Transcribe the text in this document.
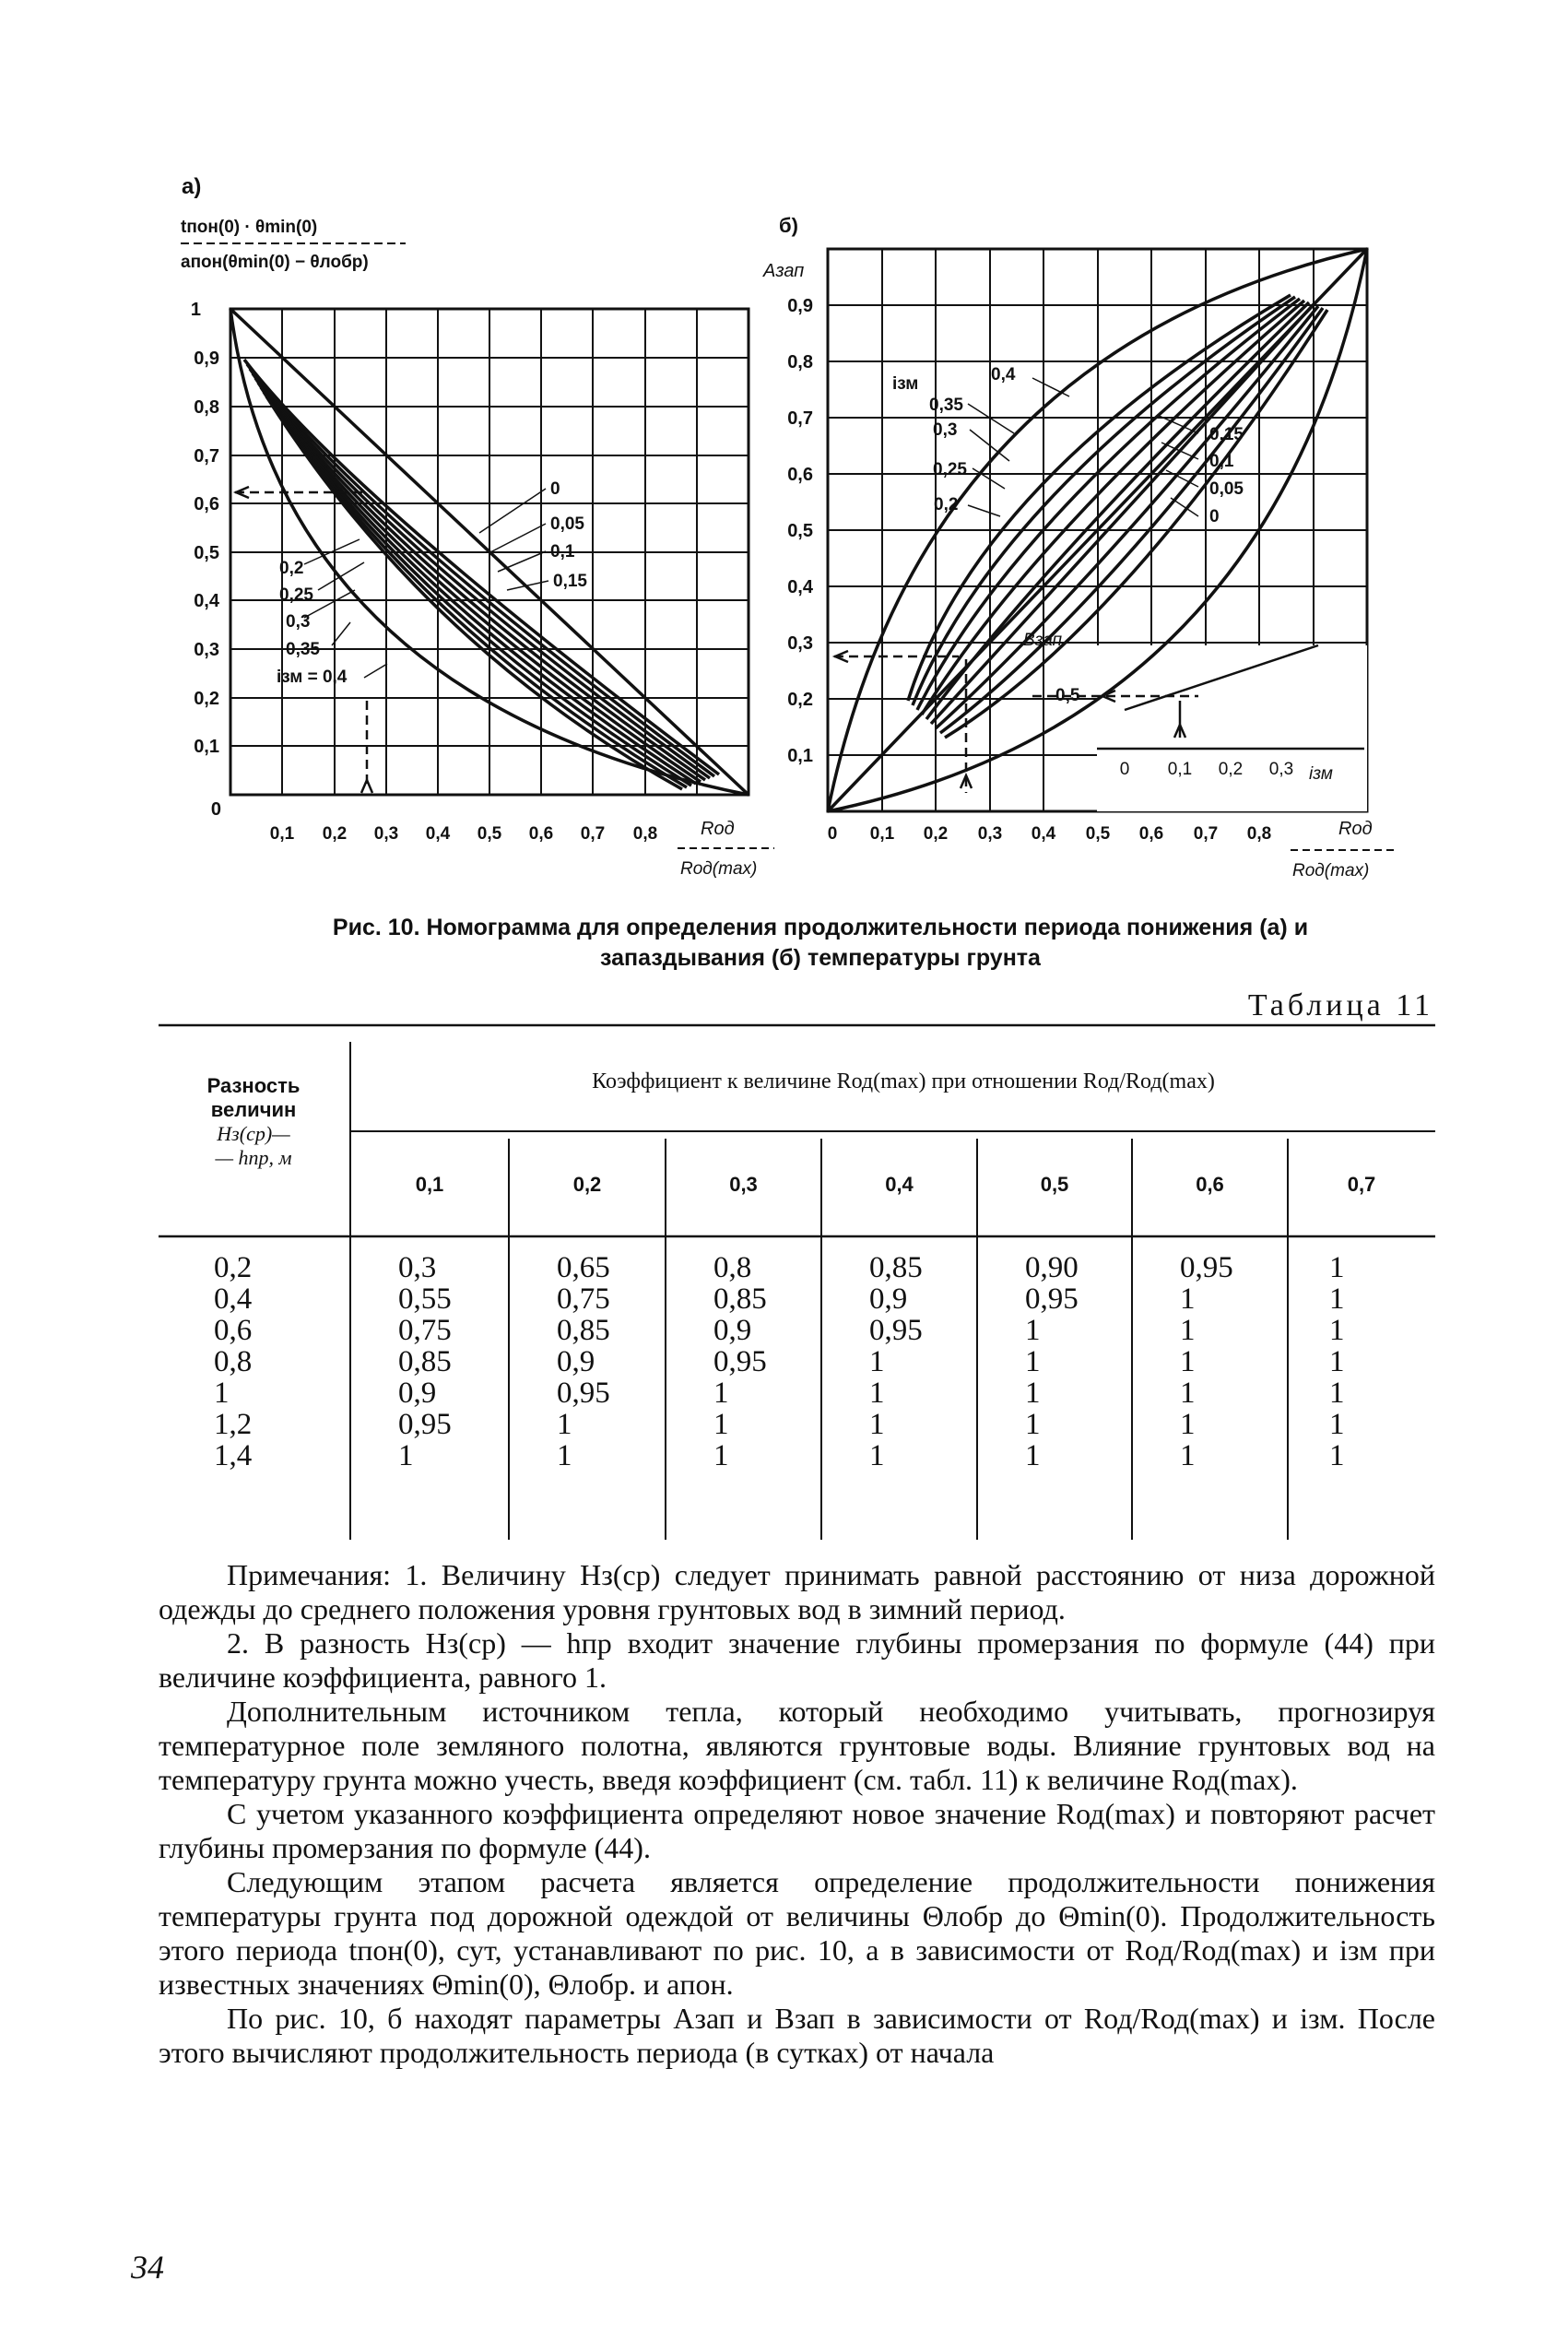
а)
tпон(0) · θmin(0)
aпон(θmin(0) − θлобр)
0
0,05
0,1
0,15
0,2
0,25
0,3
0,35
iзм = 0,4
1
0,9
0,8
0,7
0,6
0,5
0,4
0,3
0,2
0,1
0
0,1 0,2 0,3 0,4 0,5 0,6 0,7 0,8 Rод
Rод(max)
б)
Aзап
iзм	0,4
0,35
0,3
0,25
0,2
0,15
0,1
0,05
0
Bзап
0,5
0 0,1 0,2 0,3 iзм
0,9
0,8
0,7
0,6
0,5
0,4
0,3
0,2
0,1
0 0,1 0,2 0,3 0,4 0,5 0,6 0,7 0,8	Rод
Rод(max)
Рис. 10. Номограмма для определения продолжительности периода понижения (а) и
запаздывания (б) температуры грунта
Таблица 11
Разность
величин
Hз(ср)—
— hпр, м
Коэффициент к величине Rод(max) при отношении Rод/Rод(max)
0,1	0,2	0,3	0,4	0,5	0,6	0,7
0,2	0,3	0,65	0,8	0,85	0,90	0,95	1
0,4	0,55	0,75	0,85	0,9	0,95	1	1
0,6	0,75	0,85	0,9	0,95	1	1	1
0,8	0,85	0,9	0,95	1	1	1	1
1	0,9	0,95	1	1	1	1	1
1,2	0,95	1	1	1	1	1	1
1,4	1	1	1	1	1	1	1

Примечания: 1. Величину Hз(ср) следует принимать равной расстоянию от низа дорожной одежды до среднего положения уровня грунтовых вод в зимний период.

2. В разность Hз(ср) — hпр входит значение глубины промерзания по формуле (44) при величине коэффициента, равного 1.

Дополнительным источником тепла, который необходимо учитывать, прогнозируя температурное поле земляного полотна, являются грунтовые воды. Влияние грунтовых вод на температуру грунта можно учесть, введя коэффициент (см. табл. 11) к величине Rод(max).

С учетом указанного коэффициента определяют новое значение Rод(max) и повторяют расчет глубины промерзания по формуле (44).

Следующим этапом расчета является определение продолжительности понижения температуры грунта под дорожной одеждой от величины Θлобр до Θmin(0). Продолжительность этого периода tпон(0), сут, устанавливают по рис. 10, а в зависимости от Rод/Rод(max) и iзм при известных значениях Θmin(0), Θлобр. и aпон.

По рис. 10, б находят параметры Aзап и Bзап в зависимости от Rод/Rод(max) и iзм. После этого вычисляют продолжительность периода (в сутках) от начала

34
